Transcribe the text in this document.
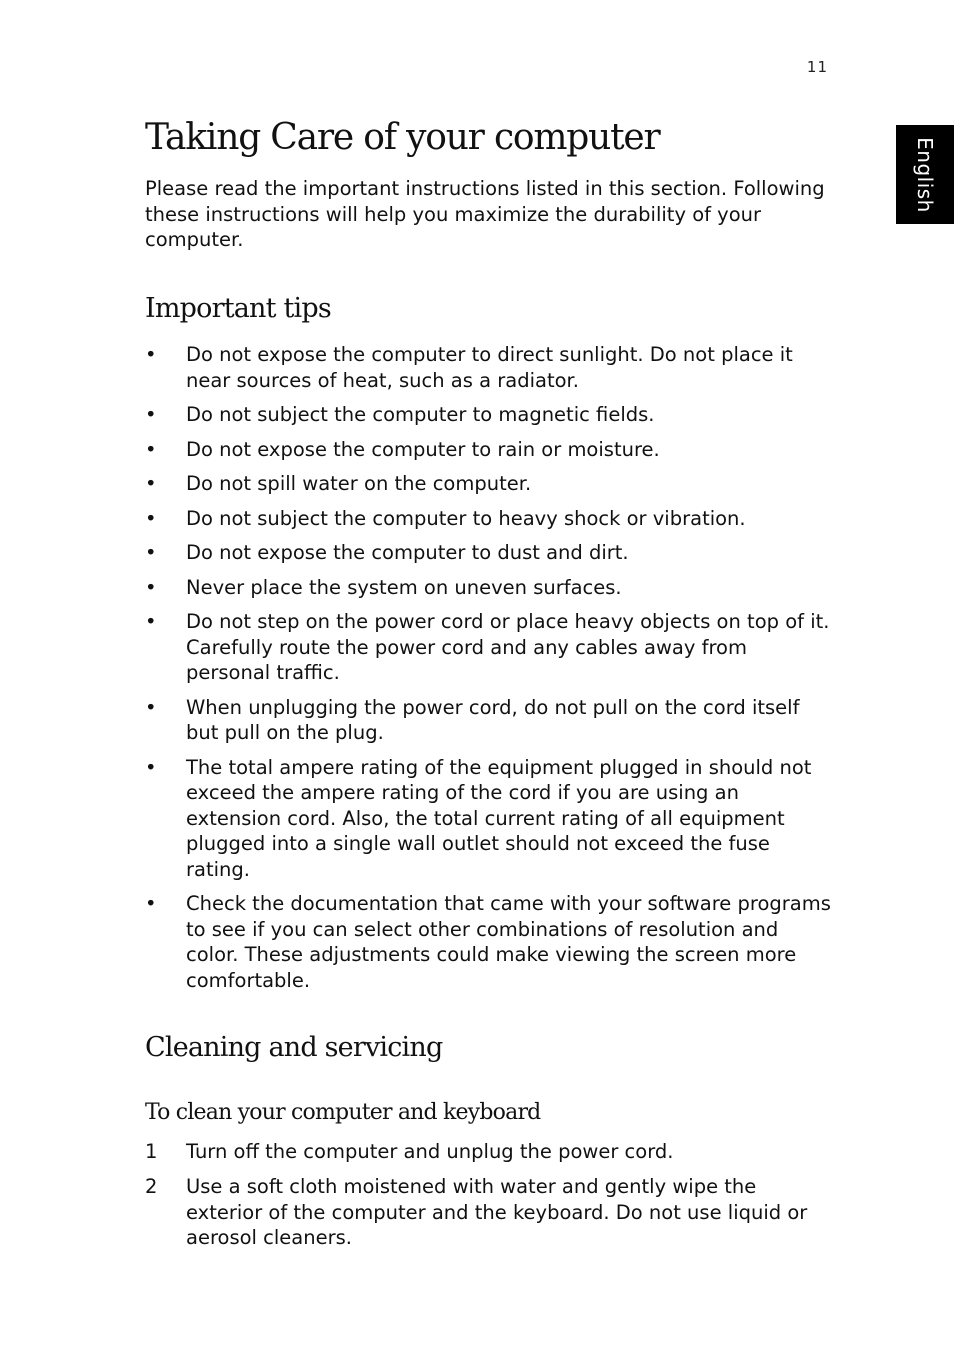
11
English
Taking Care of your computer

Please read the important instructions listed in this section. Following these instructions will help you maximize the durability of your computer.

Important tips
•	Do not expose the computer to direct sunlight. Do not place it near sources of heat, such as a radiator.
•	Do not subject the computer to magnetic fields.
•	Do not expose the computer to rain or moisture.
•	Do not spill water on the computer.
•	Do not subject the computer to heavy shock or vibration.
•	Do not expose the computer to dust and dirt.
•	Never place the system on uneven surfaces.
•	Do not step on the power cord or place heavy objects on top of it. Carefully route the power cord and any cables away from personal traffic.
•	When unplugging the power cord, do not pull on the cord itself but pull on the plug.
•	The total ampere rating of the equipment plugged in should not exceed the ampere rating of the cord if you are using an extension cord. Also, the total current rating of all equipment plugged into a single wall outlet should not exceed the fuse rating.
•	Check the documentation that came with your software programs to see if you can select other combinations of resolution and color. These adjustments could make viewing the screen more comfortable.
Cleaning and servicing
To clean your computer and keyboard
1	Turn off the computer and unplug the power cord.
2	Use a soft cloth moistened with water and gently wipe the exterior of the computer and the keyboard. Do not use liquid or aerosol cleaners.
